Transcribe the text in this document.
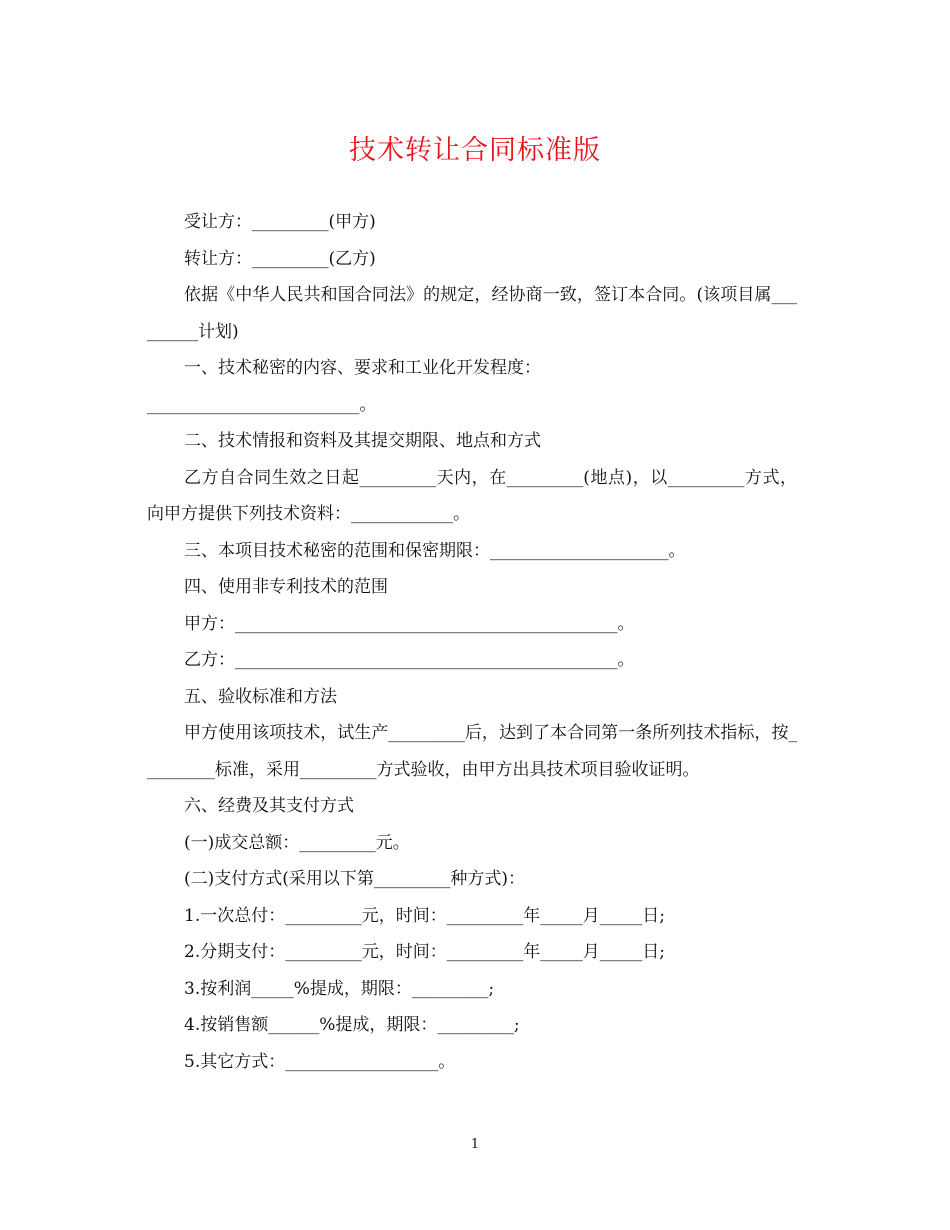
技术转让合同标准版

受让方：_________(甲方)

转让方：_________(乙方)

依据《中华人民共和国合同法》的规定，经协商一致，签订本合同。(该项目属_________计划)

一、技术秘密的内容、要求和工业化开发程度：

_________________________。

二、技术情报和资料及其提交期限、地点和方式

乙方自合同生效之日起_________天内，在_________(地点)，以_________方式，向甲方提供下列技术资料：____________。

三、本项目技术秘密的范围和保密期限：_____________________。

四、使用非专利技术的范围

甲方：_____________________________________________。

乙方：_____________________________________________。

五、验收标准和方法

甲方使用该项技术，试生产_________后，达到了本合同第一条所列技术指标，按_________标准，采用_________方式验收，由甲方出具技术项目验收证明。

六、经费及其支付方式

(一)成交总额：_________元。

(二)支付方式(采用以下第_________种方式)：

1.一次总付：_________元，时间：_________年_____月_____日;

2.分期支付：_________元，时间：_________年_____月_____日;

3.按利润_____%提成，期限：_________;

4.按销售额______%提成，期限：_________;

5.其它方式：__________________。

1
